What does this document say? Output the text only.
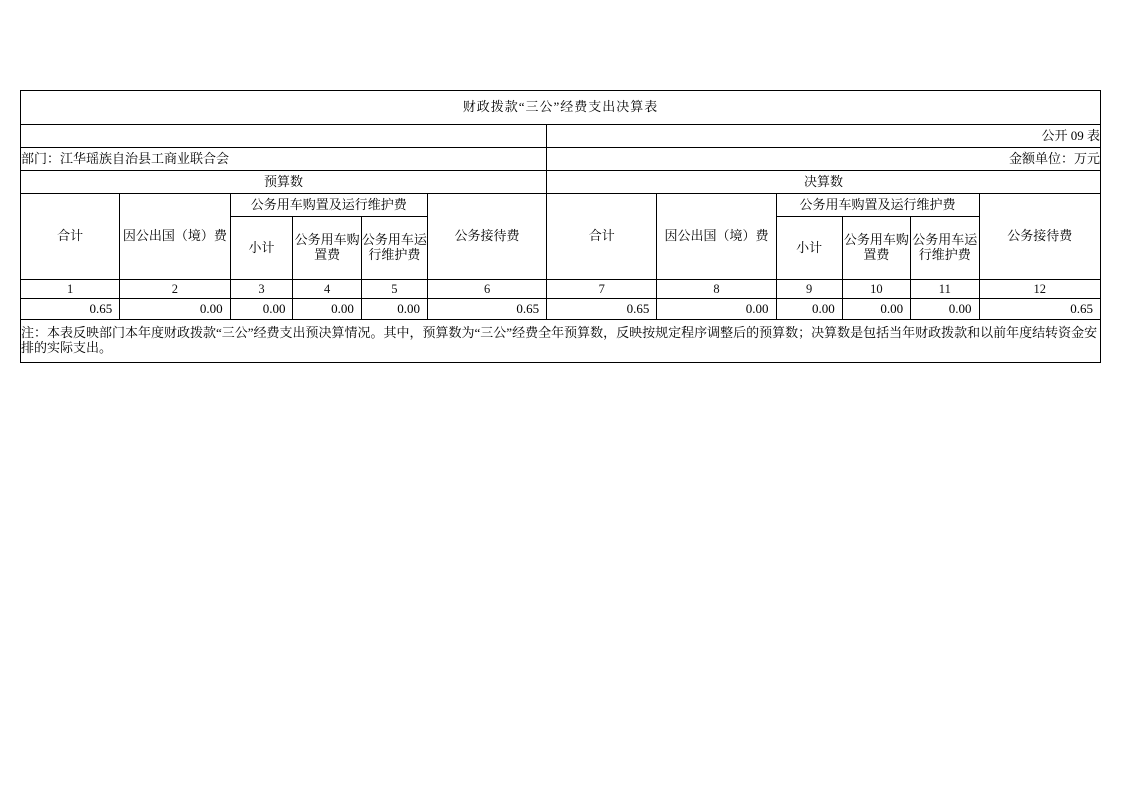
财政拨款“三公”经费支出决算表											
						公开 09 表					
部门：江华瑶族自治县工商业联合会						金额单位：万元					
预算数						决算数					
合计	因公出国（境）费	公务用车购置及运行维护费			公务接待费	合计	因公出国（境）费	公务用车购置及运行维护费			公务接待费
		小计	公务用车购置费	公务用车运行维护费				小计	公务用车购置费	公务用车运行维护费	
1	2	3	4	5	6	7	8	9	10	11	12
0.65	0.00	0.00	0.00	0.00	0.65	0.65	0.00	0.00	0.00	0.00	0.65
注：本表反映部门本年度财政拨款“三公”经费支出预决算情况。其中，预算数为“三公”经费全年预算数，反映按规定程序调整后的预算数；决算数是包括当年财政拨款和以前年度结转资金安排的实际支出。											
